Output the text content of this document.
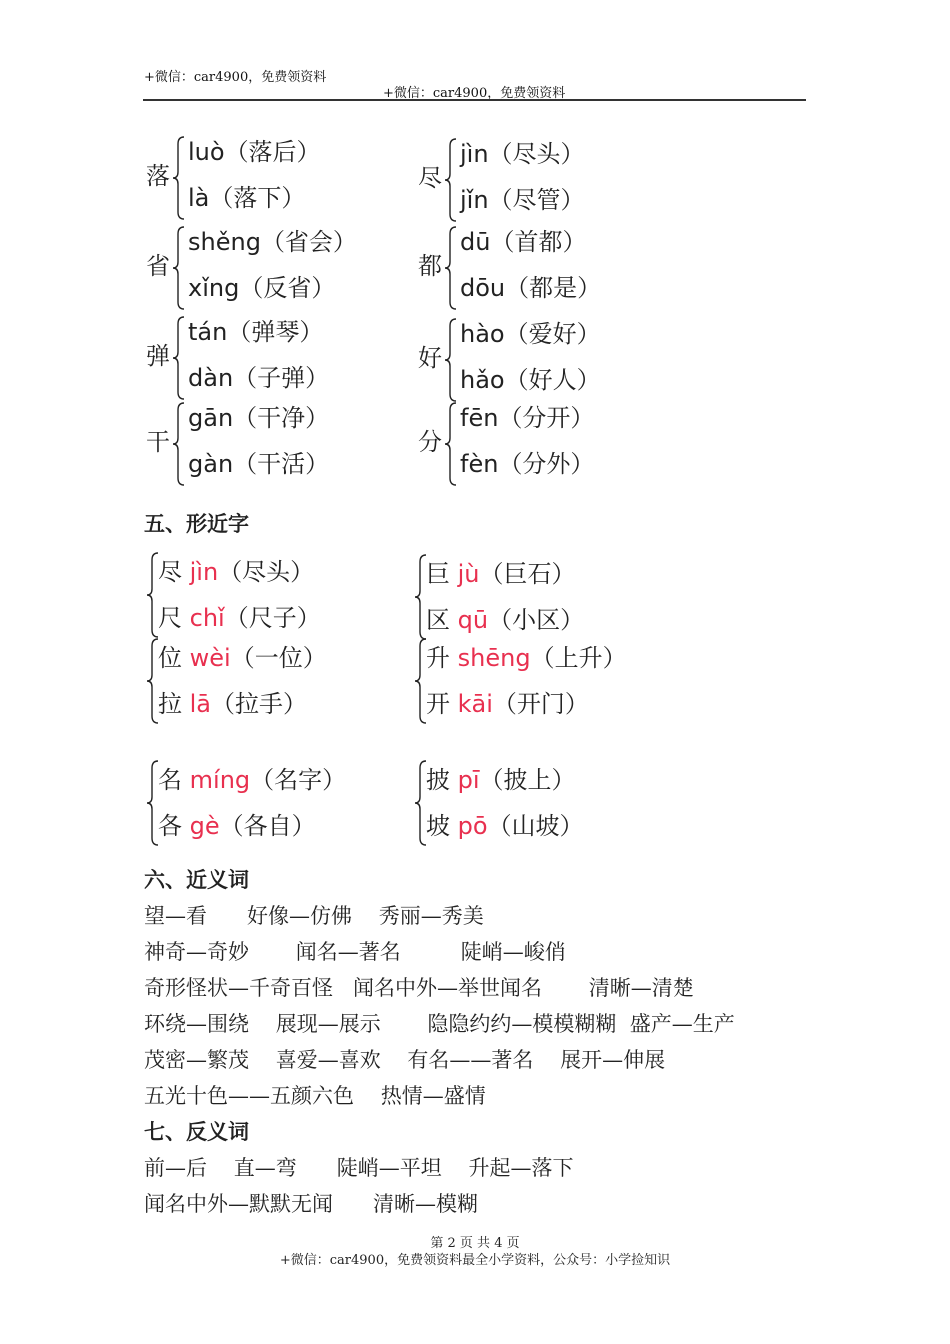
+微信：car4900，免费领资料
+微信：car4900，免费领资料
落
luò（落后）
là（落下）
尽
jìn（尽头）
jǐn（尽管）
省
shěng（省会）
xǐng（反省）
都
dū（首都）
dōu（都是）
弹
tán（弹琴）
dàn（子弹）
好
hào（爱好）
hǎo（好人）
干
gān（干净）
gàn（干活）
分
fēn（分开）
fèn（分外）
五、形近字
尽 jìn（尽头）
尺 chǐ（尺子）
巨 jù（巨石）
区 qū（小区）
位 wèi（一位）
拉 lā（拉手）
升 shēng（上升）
开 kāi（开门）
名 míng（名字）
各 gè（各自）
披 pī（披上）
坡 pō（山坡）
六、近义词
望—看      好像—仿佛    秀丽—秀美
神奇—奇妙       闻名—著名         陡峭—峻俏
奇形怪状—千奇百怪   闻名中外—举世闻名       清晰—清楚
环绕—围绕    展现—展示       隐隐约约—模模糊糊  盛产—生产
茂密—繁茂    喜爱—喜欢    有名——著名    展开—伸展
五光十色——五颜六色    热情—盛情
七、反义词
前—后    直—弯      陡峭—平坦    升起—落下
闻名中外—默默无闻      清晰—模糊
第 2 页 共 4 页
+微信：car4900，免费领资料最全小学资料，公众号：小学捡知识
